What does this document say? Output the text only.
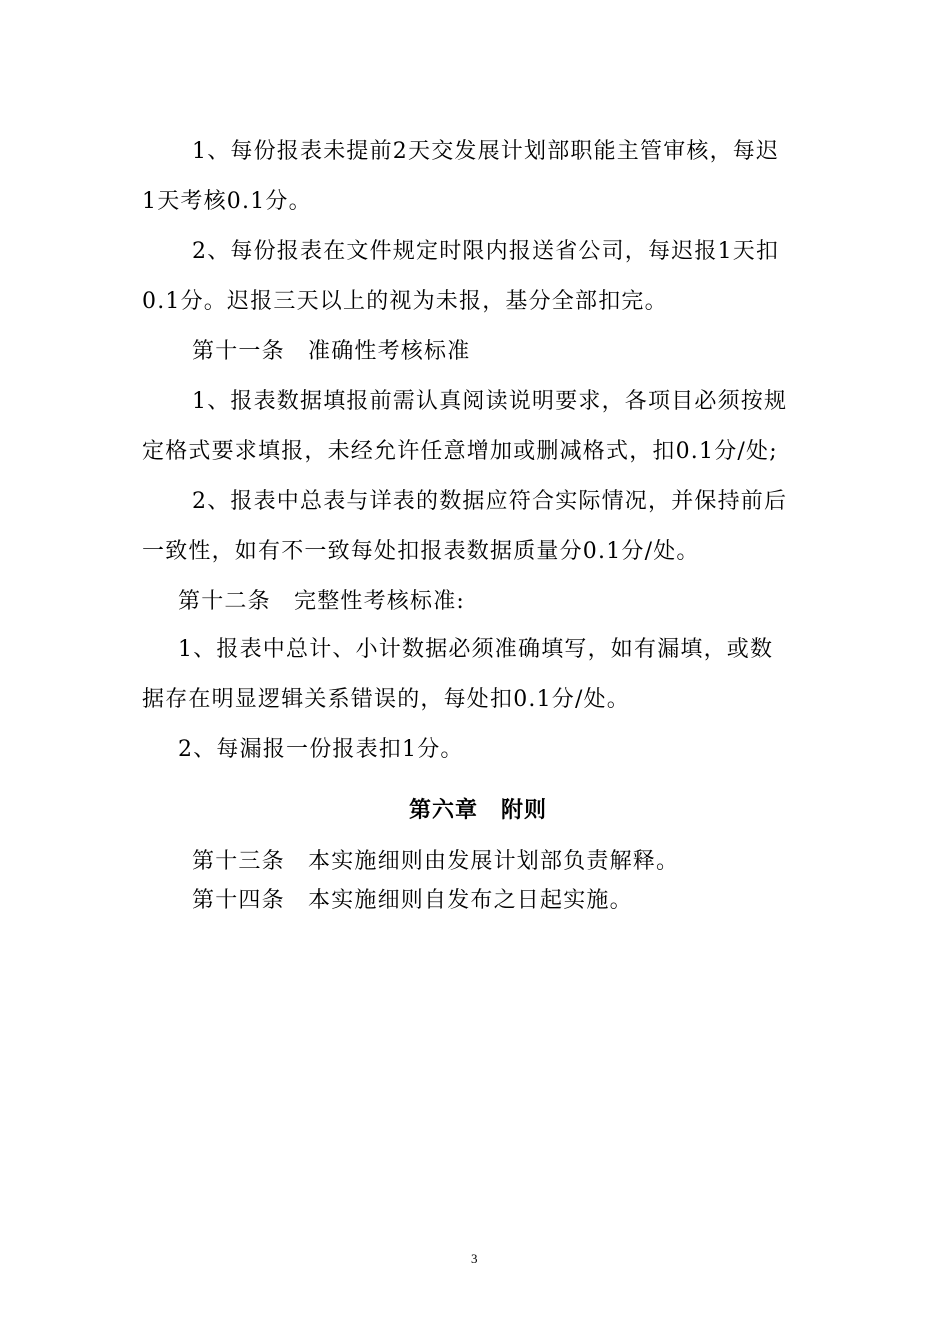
1、每份报表未提前2天交发展计划部职能主管审核，每迟
1天考核0.1分。
2、每份报表在文件规定时限内报送省公司，每迟报1天扣
0.1分。迟报三天以上的视为未报，基分全部扣完。
第十一条　准确性考核标准
1、报表数据填报前需认真阅读说明要求，各项目必须按规
定格式要求填报，未经允许任意增加或删减格式，扣0.1分/处;
2、报表中总表与详表的数据应符合实际情况，并保持前后
一致性，如有不一致每处扣报表数据质量分0.1分/处。
第十二条　完整性考核标准:
1、报表中总计、小计数据必须准确填写，如有漏填，或数
据存在明显逻辑关系错误的，每处扣0.1分/处。
2、每漏报一份报表扣1分。
第六章　附则
第十三条　本实施细则由发展计划部负责解释。
第十四条　本实施细则自发布之日起实施。
3
